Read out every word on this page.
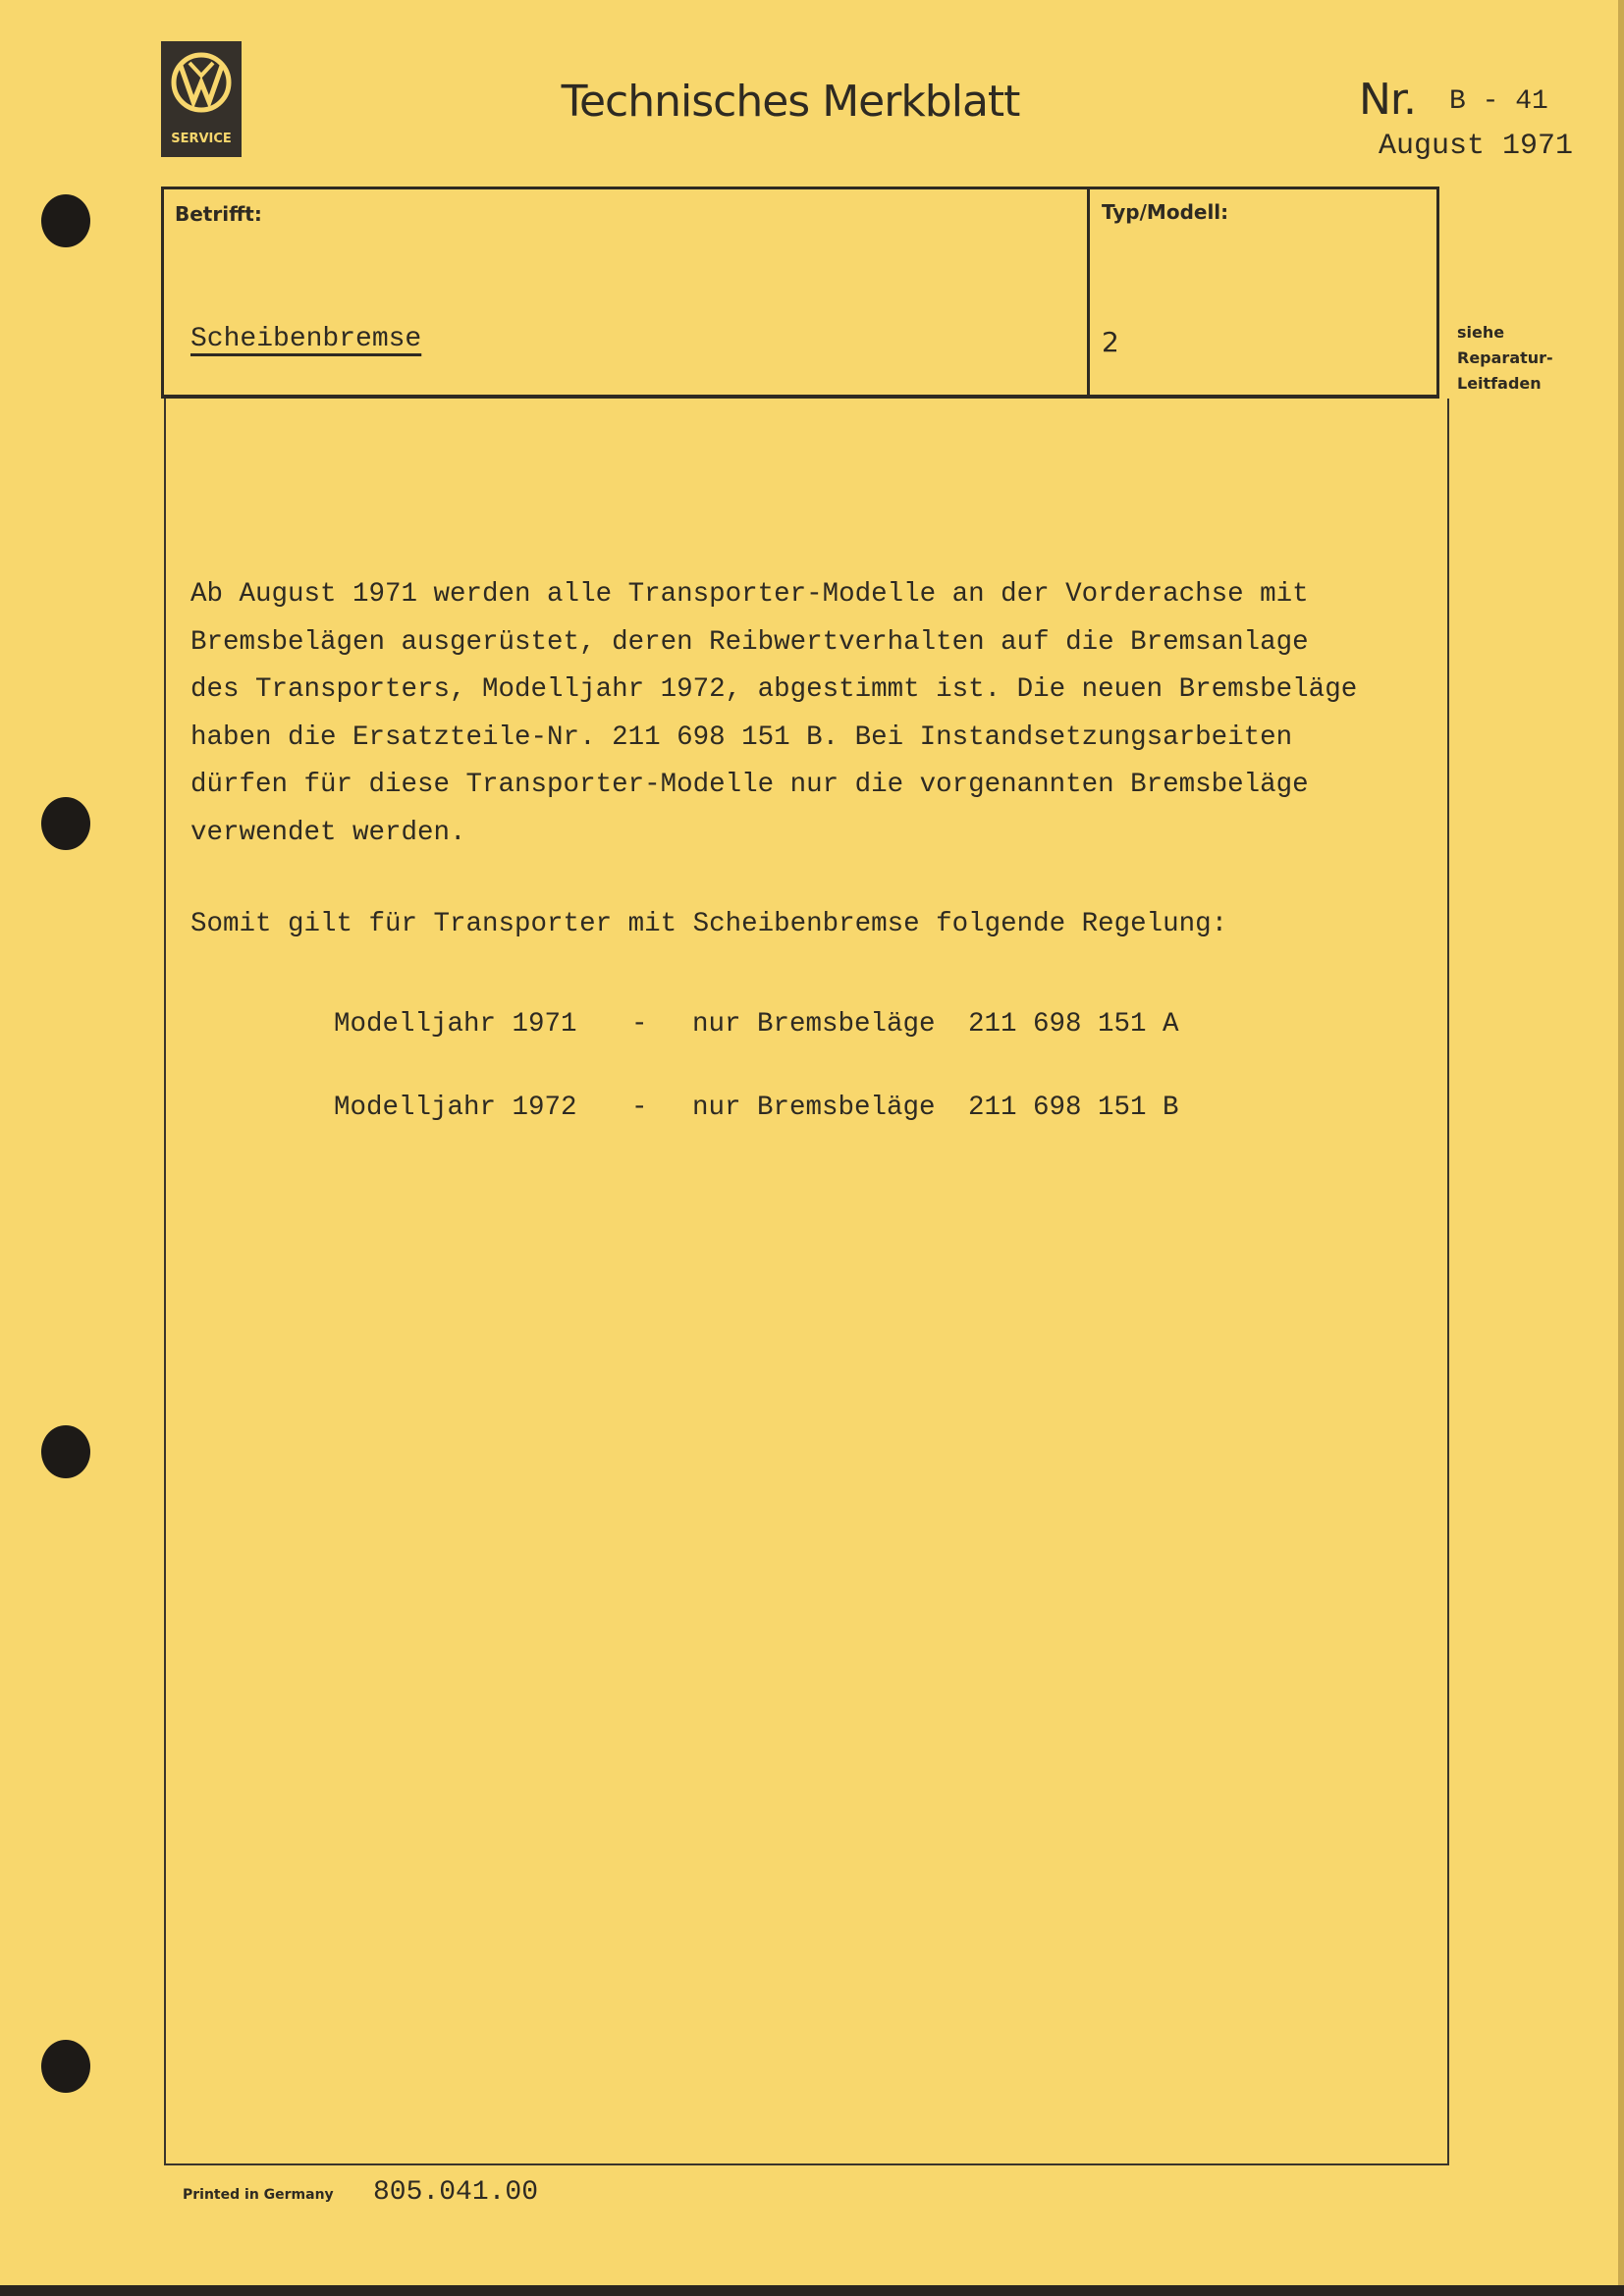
SERVICE
Technisches Merkblatt	Nr. B - 41
August 1971
Betrifft:	Typ/Modell:
Scheibenbremse	2	siehe
Reparatur-
Leitfaden
Ab August 1971 werden alle Transporter-Modelle an der Vorderachse mit
Bremsbelägen ausgerüstet, deren Reibwertverhalten auf die Bremsanlage
des Transporters, Modelljahr 1972, abgestimmt ist. Die neuen Bremsbeläge
haben die Ersatzteile-Nr. 211 698 151 B. Bei Instandsetzungsarbeiten
dürfen für diese Transporter-Modelle nur die vorgenannten Bremsbeläge
verwendet werden.
Somit gilt für Transporter mit Scheibenbremse folgende Regelung:
Modelljahr 1971 - nur Bremsbeläge 211 698 151 A
Modelljahr 1972 - nur Bremsbeläge 211 698 151 B
Printed in Germany 805.041.00
